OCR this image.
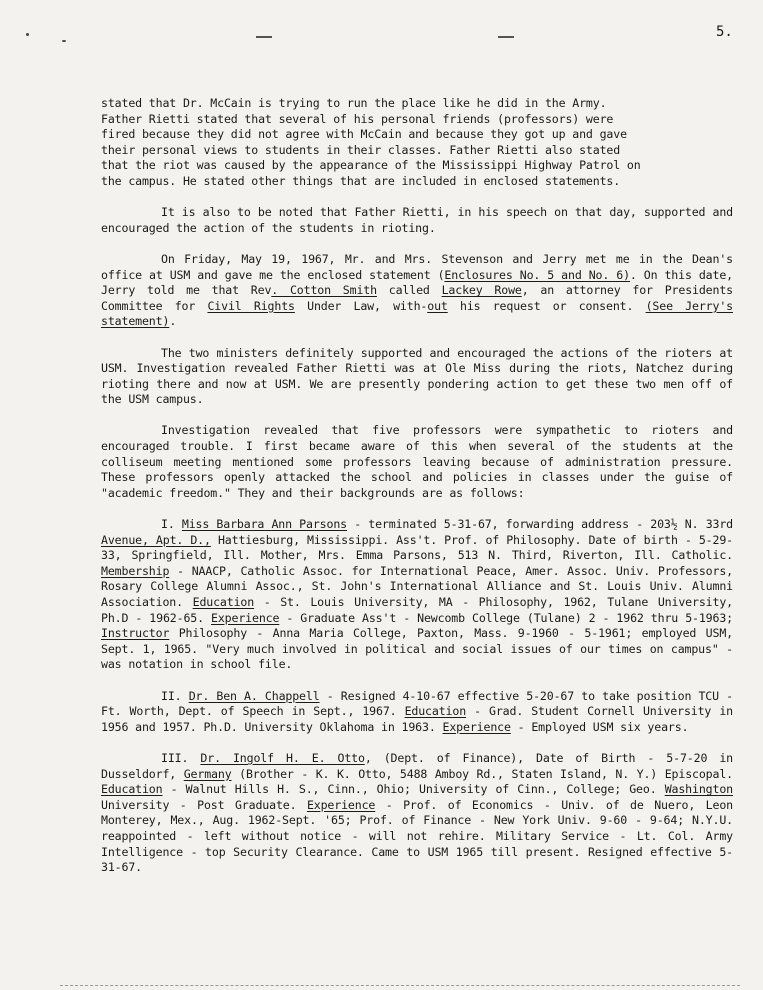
5.

stated that Dr. McCain is trying to run the place like he did in the Army.
Father Rietti stated that several of his personal friends (professors) were
fired because they did not agree with McCain and because they got up and gave
their personal views to students in their classes. Father Rietti also stated
that the riot was caused by the appearance of the Mississippi Highway Patrol on
the campus. He stated other things that are included in enclosed statements.

It is also to be noted that Father Rietti, in his speech on that day, supported and encouraged the action of the students in rioting.

On Friday, May 19, 1967, Mr. and Mrs. Stevenson and Jerry met me in the Dean's office at USM and gave me the enclosed statement (Enclosures No. 5 and No. 6). On this date, Jerry told me that Rev. Cotton Smith called Lackey Rowe, an attorney for Presidents Committee for Civil Rights Under Law, with-out his request or consent. (See Jerry's statement).

The two ministers definitely supported and encouraged the actions of the rioters at USM. Investigation revealed Father Rietti was at Ole Miss during the riots, Natchez during rioting there and now at USM. We are presently pondering action to get these two men off of the USM campus.

Investigation revealed that five professors were sympathetic to rioters and encouraged trouble. I first became aware of this when several of the students at the colliseum meeting mentioned some professors leaving because of administration pressure. These professors openly attacked the school and policies in classes under the guise of "academic freedom." They and their backgrounds are as follows:

I. Miss Barbara Ann Parsons - terminated 5-31-67, forwarding address - 203½ N. 33rd Avenue, Apt. D., Hattiesburg, Mississippi. Ass't. Prof. of Philosophy. Date of birth - 5-29-33, Springfield, Ill. Mother, Mrs. Emma Parsons, 513 N. Third, Riverton, Ill. Catholic. Membership - NAACP, Catholic Assoc. for International Peace, Amer. Assoc. Univ. Professors, Rosary College Alumni Assoc., St. John's International Alliance and St. Louis Univ. Alumni Association. Education - St. Louis University, MA - Philosophy, 1962, Tulane University, Ph.D - 1962-65. Experience - Graduate Ass't - Newcomb College (Tulane) 2 - 1962 thru 5-1963; Instructor Philosophy - Anna Maria College, Paxton, Mass. 9-1960 - 5-1961; employed USM, Sept. 1, 1965. "Very much involved in political and social issues of our times on campus" - was notation in school file.

II. Dr. Ben A. Chappell - Resigned 4-10-67 effective 5-20-67 to take position TCU - Ft. Worth, Dept. of Speech in Sept., 1967. Education - Grad. Student Cornell University in 1956 and 1957. Ph.D. University Oklahoma in 1963. Experience - Employed USM six years.

III. Dr. Ingolf H. E. Otto, (Dept. of Finance), Date of Birth - 5-7-20 in Dusseldorf, Germany (Brother - K. K. Otto, 5488 Amboy Rd., Staten Island, N. Y.) Episcopal. Education - Walnut Hills H. S., Cinn., Ohio; University of Cinn., College; Geo. Washington University - Post Graduate. Experience - Prof. of Economics - Univ. of de Nuero, Leon Monterey, Mex., Aug. 1962-Sept. '65; Prof. of Finance - New York Univ. 9-60 - 9-64; N.Y.U. reappointed - left without notice - will not rehire. Military Service - Lt. Col. Army Intelligence - top Security Clearance. Came to USM 1965 till present. Resigned effective 5-31-67.
